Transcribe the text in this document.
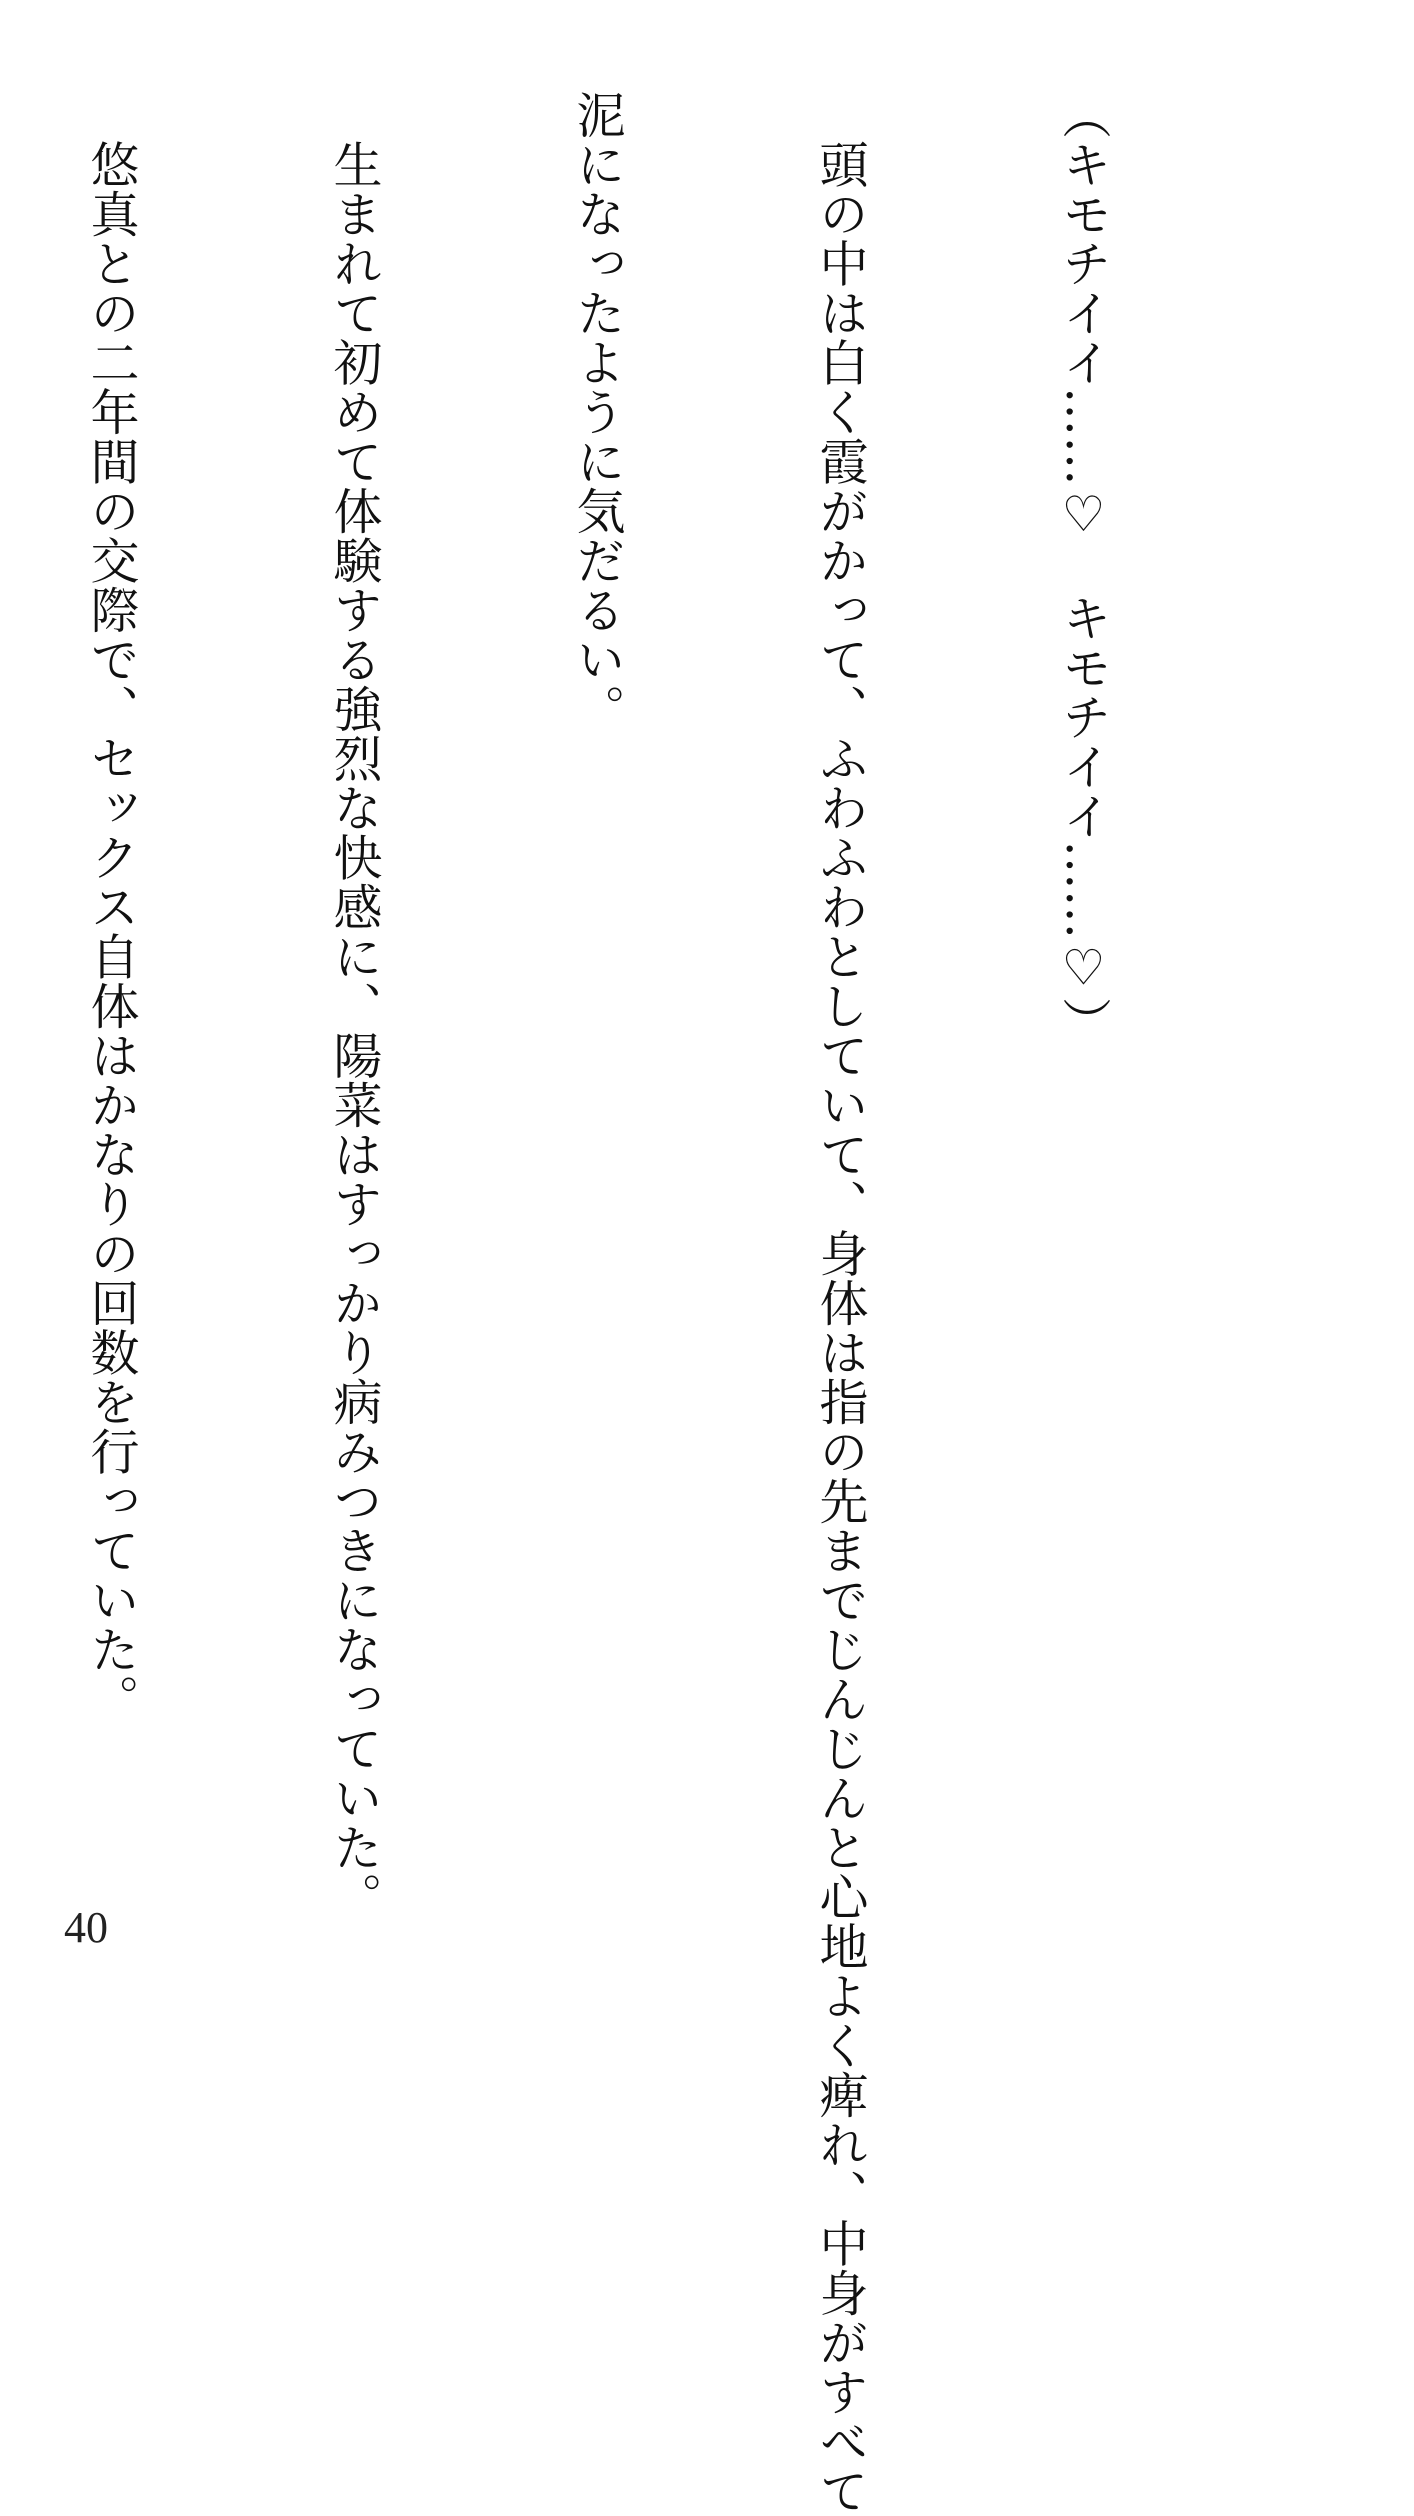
（キモチイイ……♡　キモチイイ……♡）

　頭の中は白く霞がかって、ふわふわとしていて、身体は指の先までじんじんと心地よく痺れ、中身がすべて

泥になったように気だるい。

　生まれて初めて体験する強烈な快感に、陽菜はすっかり病みつきになっていた。

　悠真との二年間の交際で、セックス自体はかなりの回数を行っていた。

40
